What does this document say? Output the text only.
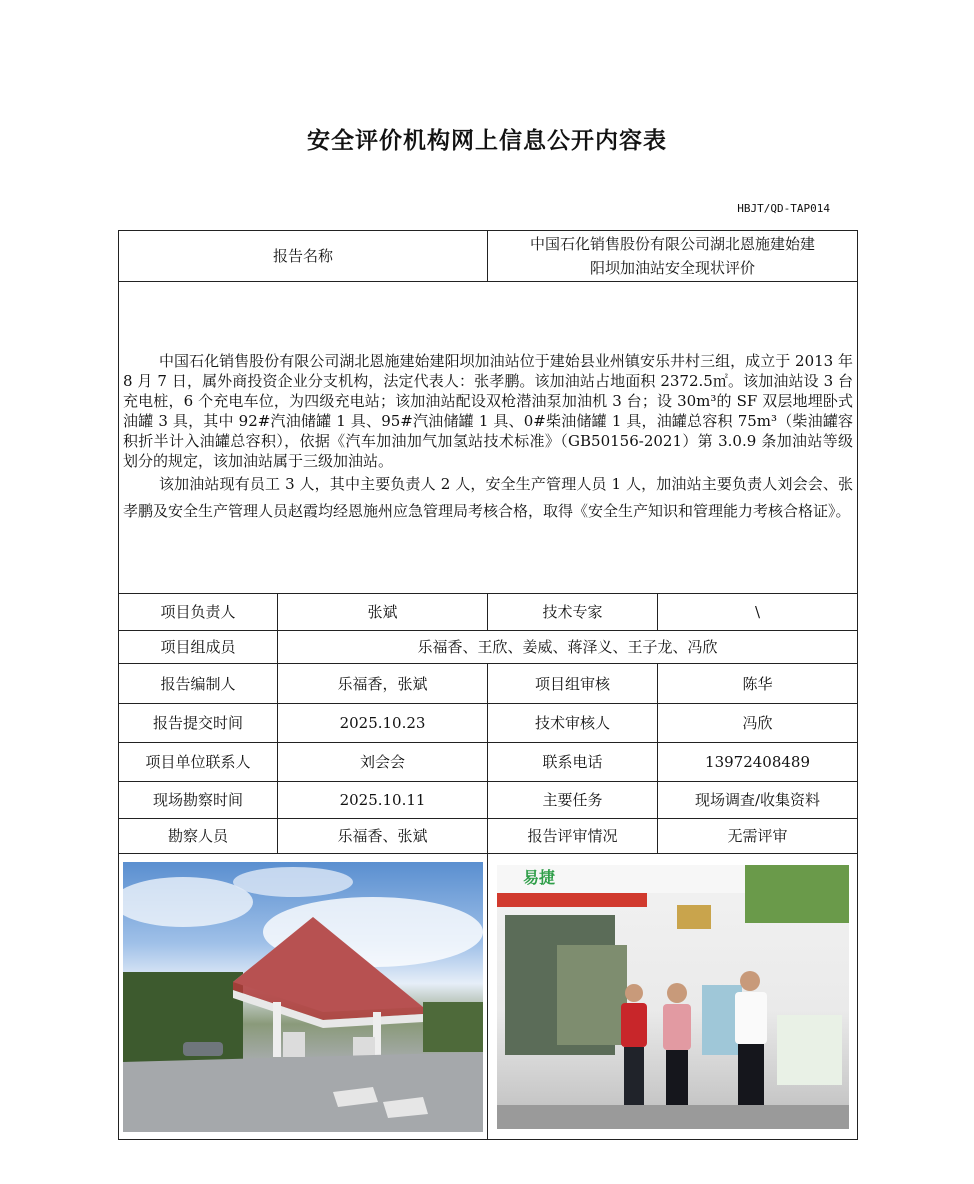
安全评价机构网上信息公开内容表
HBJT/QD-TAP014
报告名称		中国石化销售股份有限公司湖北恩施建始建
阳坝加油站安全现状评价	

中国石化销售股份有限公司湖北恩施建始建阳坝加油站位于建始县业州镇安乐井村三组，成立于 2013 年 8 月 7 日，属外商投资企业分支机构，法定代表人：张孝鹏。该加油站占地面积 2372.5㎡。该加油站设 3 台充电桩，6 个充电车位，为四级充电站；该加油站配设双枪潜油泵加油机 3 台；设 30m³的 SF 双层地埋卧式油罐 3 具，其中 92#汽油储罐 1 具、95#汽油储罐 1 具、0#柴油储罐 1 具，油罐总容积 75m³（柴油罐容积折半计入油罐总容积），依据《汽车加油加气加氢站技术标准》（GB50156-2021）第 3.0.9 条加油站等级划分的规定，该加油站属于三级加油站。

该加油站现有员工 3 人，其中主要负责人 2 人，安全生产管理人员 1 人，加油站主要负责人刘会会、张孝鹏及安全生产管理人员赵霞均经恩施州应急管理局考核合格，取得《安全生产知识和管理能力考核合格证》。			

项目负责人	张斌	技术专家	\
项目组成员	乐福香、王欣、姜威、蒋泽义、王子龙、冯欣		
报告编制人	乐福香，张斌	项目组审核	陈华
报告提交时间	2025.10.23	技术审核人	冯欣
项目单位联系人	刘会会	联系电话	13972408489
现场勘察时间	2025.10.11	主要任务	现场调查/收集资料
勘察人员	乐福香、张斌	报告评审情况	无需评审

易捷	
